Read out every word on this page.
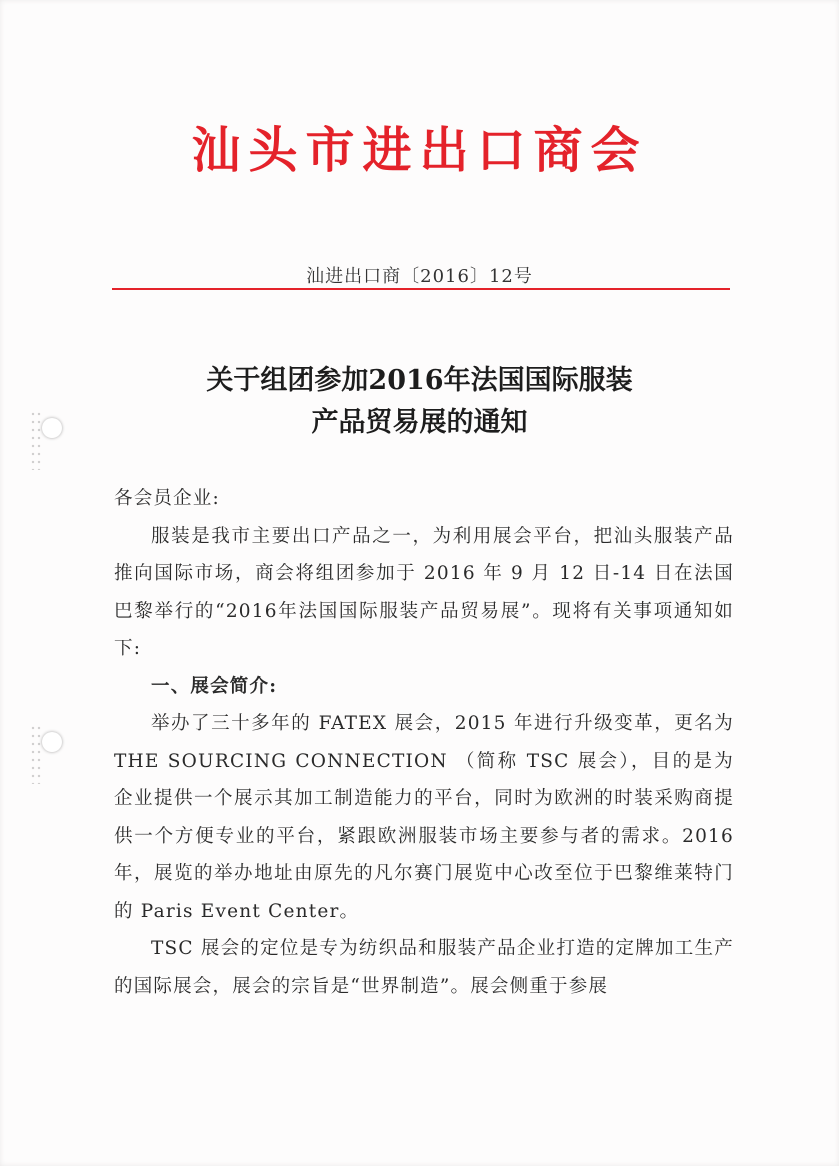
汕头市进出口商会
汕进出口商〔2016〕12号
关于组团参加2016年法国国际服装
产品贸易展的通知

各会员企业:

服装是我市主要出口产品之一，为利用展会平台，把汕头服装产品推向国际市场，商会将组团参加于 2016 年 9 月 12 日-14 日在法国巴黎举行的“2016年法国国际服装产品贸易展”。现将有关事项通知如下:

一、展会简介:

举办了三十多年的 FATEX 展会，2015 年进行升级变革，更名为 THE SOURCING CONNECTION （简称 TSC 展会），目的是为企业提供一个展示其加工制造能力的平台，同时为欧洲的时装采购商提供一个方便专业的平台，紧跟欧洲服装市场主要参与者的需求。2016 年，展览的举办地址由原先的凡尔赛门展览中心改至位于巴黎维莱特门的 Paris Event Center。

TSC 展会的定位是专为纺织品和服装产品企业打造的定牌加工生产的国际展会，展会的宗旨是“世界制造”。展会侧重于参展
